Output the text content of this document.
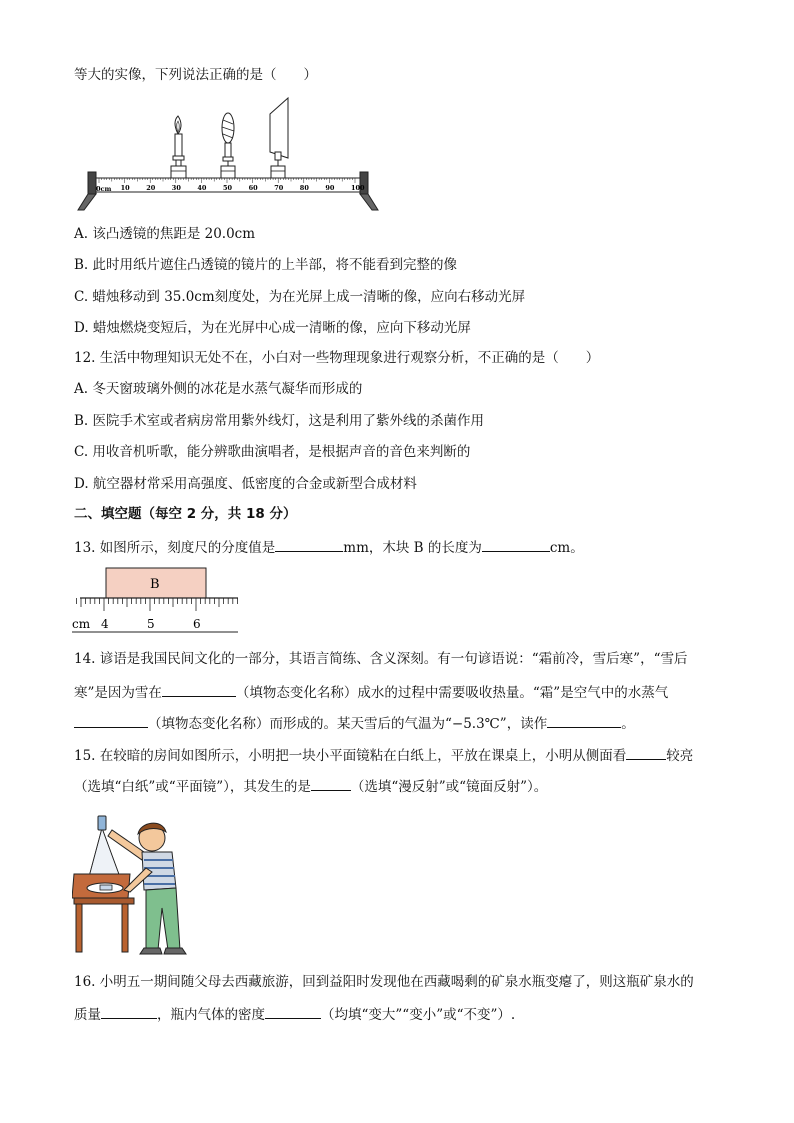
等大的实像，下列说法正确的是（　　）
0cm 10	20	30	40	50	60	70	80	90	100
A. 该凸透镜的焦距是 20.0cm
B. 此时用纸片遮住凸透镜的镜片的上半部，将不能看到完整的像
C. 蜡烛移动到 35.0cm刻度处，为在光屏上成一清晰的像，应向右移动光屏
D. 蜡烛燃烧变短后，为在光屏中心成一清晰的像，应向下移动光屏
12. 生活中物理知识无处不在，小白对一些物理现象进行观察分析，不正确的是（　　）
A. 冬天窗玻璃外侧的冰花是水蒸气凝华而形成的
B. 医院手术室或者病房常用紫外线灯，这是利用了紫外线的杀菌作用
C. 用收音机听歌，能分辨歌曲演唱者，是根据声音的音色来判断的
D. 航空器材常采用高强度、低密度的合金或新型合成材料
二、填空题（每空 2 分，共 18 分）
13. 如图所示，刻度尺的分度值是	mm，木块 B 的长度为	cm。
B
cm 4	5	6
14. 谚语是我国民间文化的一部分，其语言简练、含义深刻。有一句谚语说：“霜前冷，雪后寒”，“雪后
寒”是因为雪在	（填物态变化名称）成水的过程中需要吸收热量。“霜”是空气中的水蒸气
（填物态变化名称）而形成的。某天雪后的气温为“−5.3℃”，读作	。
15. 在较暗的房间如图所示，小明把一块小平面镜粘在白纸上，平放在课桌上，小明从侧面看	较亮
（选填“白纸”或“平面镜”），其发生的是	（选填“漫反射”或“镜面反射”）。
16. 小明五一期间随父母去西藏旅游，回到益阳时发现他在西藏喝剩的矿泉水瓶变瘪了，则这瓶矿泉水的
质量	，瓶内气体的密度	（均填“变大”“变小”或“不变”）.
